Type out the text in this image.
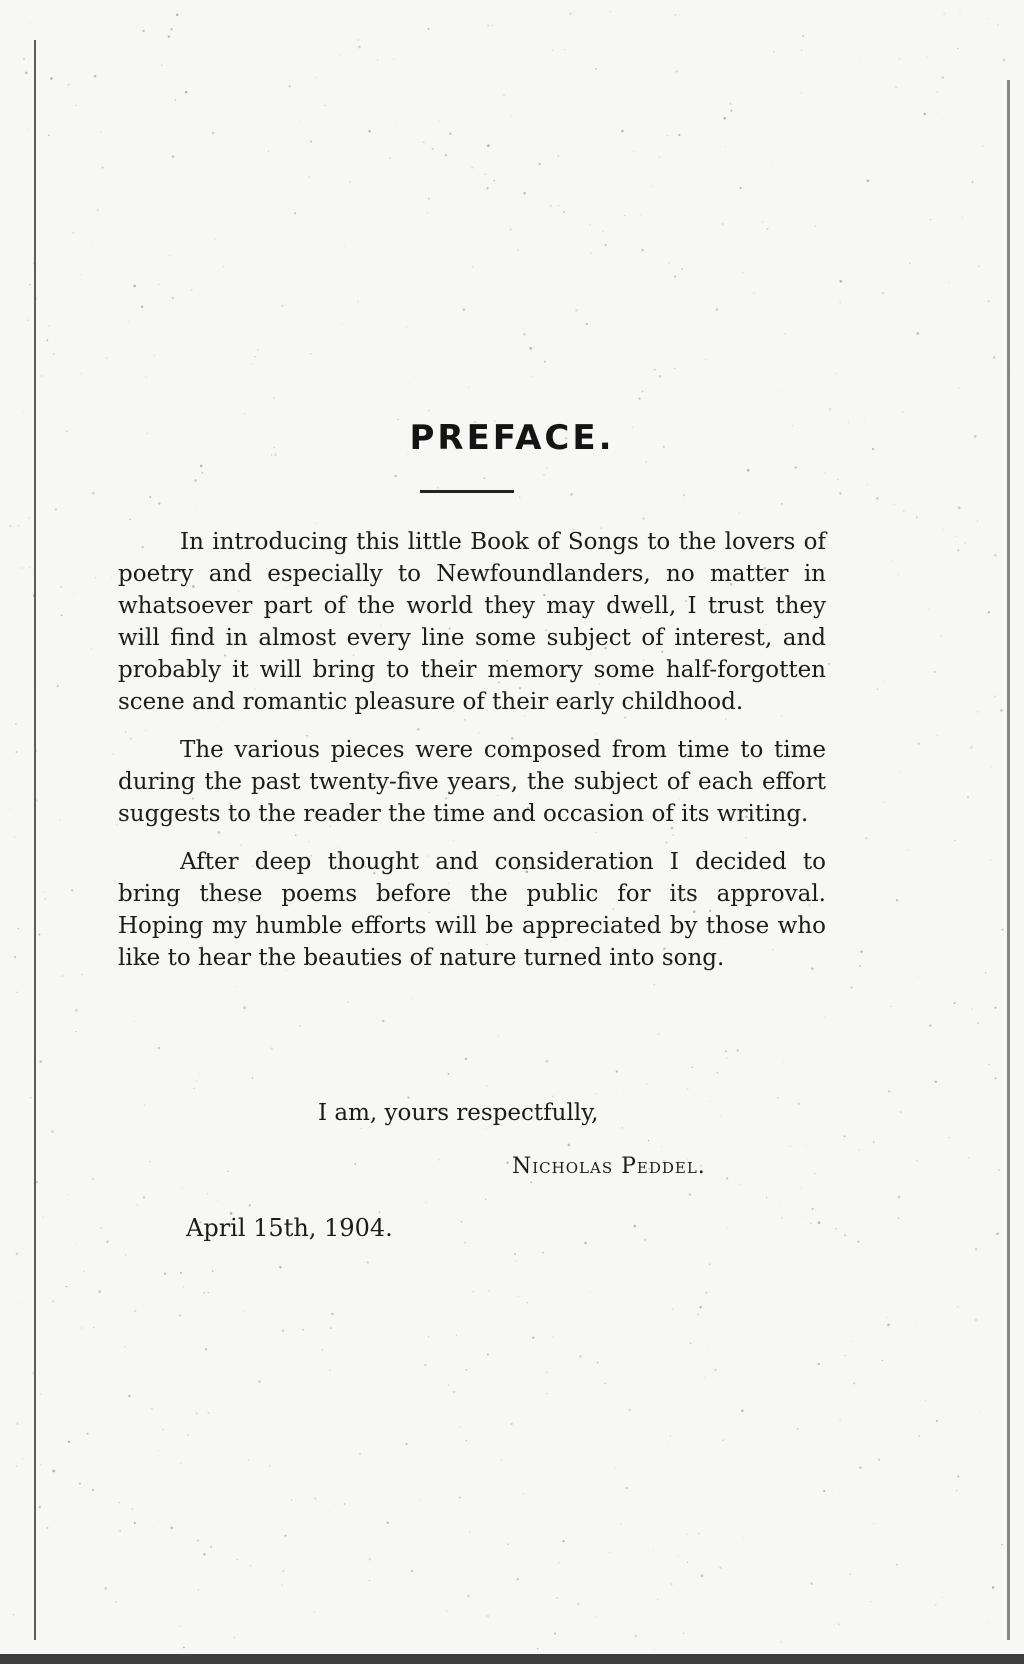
PREFACE.

In introducing this little Book of Songs to the lovers of poetry and especially to Newfoundlanders, no matter in whatsoever part of the world they may dwell, I trust they will find in almost every line some subject of interest, and probably it will bring to their memory some half-forgotten scene and romantic pleasure of their early childhood.

The various pieces were composed from time to time during the past twenty-five years, the subject of each effort suggests to the reader the time and occasion of its writing.

After deep thought and consideration I decided to bring these poems before the public for its approval. Hoping my humble efforts will be appreciated by those who like to hear the beauties of nature turned into song.

I am, yours respectfully,
Nicholas Peddel.
April 15th, 1904.
